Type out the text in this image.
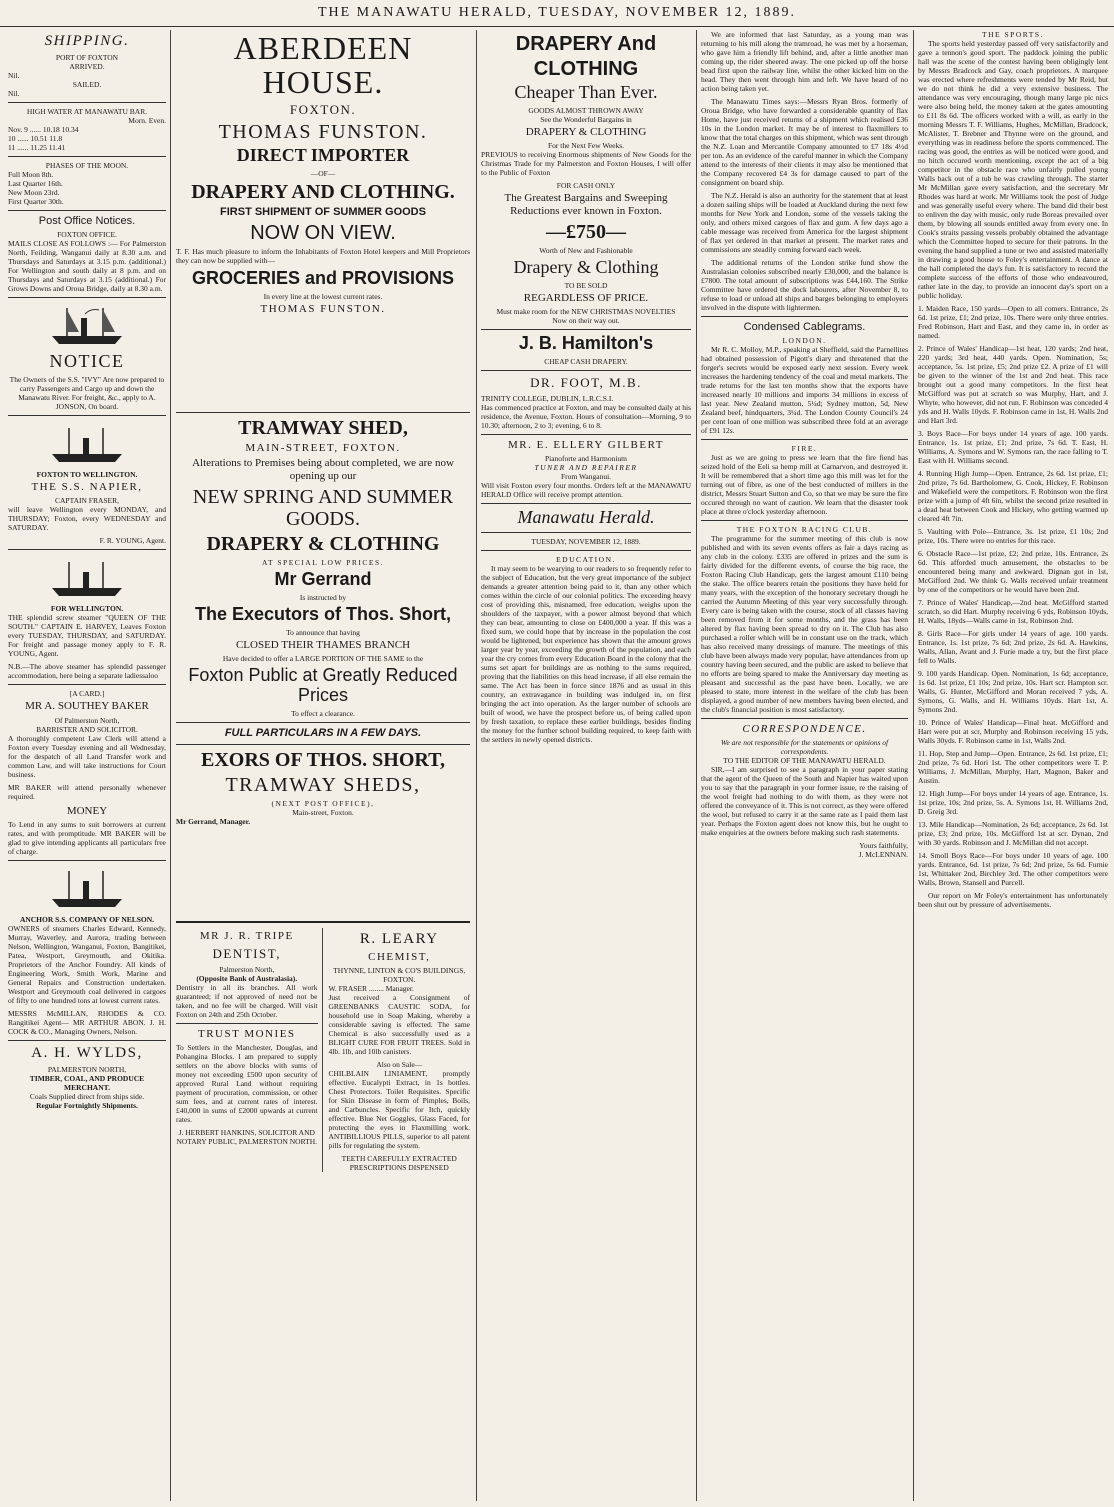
THE MANAWATU HERALD, TUESDAY, NOVEMBER 12, 1889.
SHIPPING.
PORT OF FOXTON
ARRIVED.
Nil.
SAILED.
Nil.
HIGH WATER AT MANAWATU BAR.
Morn. Even.
Nov. 9 ...... 10.18 10.34
10 ...... 10.51 11.8
11 ...... 11.25 11.41
PHASES OF THE MOON.
Full Moon 8th.
Last Quarter 16th.
New Moon 23rd.
First Quarter 30th.
Post Office Notices.
FOXTON OFFICE.

MAILS CLOSE AS FOLLOWS :— For Palmerston North, Feilding, Wanganui daily at 8.30 a.m. and Thursdays and Saturdays at 3.15 p.m. (additional.) For Wellington and south daily at 8 p.m. and on Thursdays and Saturdays at 3.15 (additional.) For Grows Downs and Oroua Bridge, daily at 8.30 a.m.

NOTICE

The Owners of the S.S. "IVY" Are now prepared to carry Passengers and Cargo up and down the Manawatu River. For freight, &c., apply to A. JONSON, On board.

FOXTON TO WELLINGTON.
THE S.S. NAPIER,
CAPTAIN FRASER,

will leave Wellington every MONDAY, and THURSDAY; Foxton, every WEDNESDAY and SATURDAY.

F. R. YOUNG, Agent.
FOR WELLINGTON.

THE splendid screw steamer "QUEEN OF THE SOUTH." CAPTAIN E. HARVEY, Leaves Foxton every TUESDAY, THURSDAY, and SATURDAY. For freight and passage money apply to F. R. YOUNG, Agent.

N.B.—The above steamer has splendid passenger accommodation, here being a separate ladiessaloo

[A CARD.]
MR A. SOUTHEY BAKER
Of Palmerston North,
BARRISTER AND SOLICITOR.

A thoroughly competent Law Clerk will attend a Foxton every Tuesday evening and all Wednesday, for the despatch of all Land Transfer work and common Law, and will take instructions for Court business.

MR BAKER will attend personally whenever required.

MONEY

To Lend in any sums to suit borrowers at current rates, and with promptitude. MR BAKER will be glad to give intending applicants all particulars free of charge.

ANCHOR S.S. COMPANY OF NELSON.

OWNERS of steamers Charles Edward, Kennedy, Murray, Waverley, and Aurora, trading between Nelson, Wellington, Wanganui, Foxton, Bangitikei, Patea, Westport, Greymouth, and Okitika. Proprietors of the Anchor Foundry. All kinds of Engineering Work, Smith Work, Marine and General Repairs and Construction undertaken. Westport and Greymouth coal delivered in cargoes of fifty to one hundred tons at lowest current rates.

MESSRS McMILLAN, RHODES & CO. Rangitikei Agent— MR ARTHUR ABON. J. H. COCK & CO., Managing Owners, Nelson.

A. H. WYLDS,
PALMERSTON NORTH,
TIMBER, COAL, AND PRODUCE MERCHANT.
Coals Supplied direct from ships side.
Regular Fortnightly Shipments.
ABERDEEN HOUSE.
FOXTON.
THOMAS FUNSTON.
DIRECT IMPORTER
—OF—
DRAPERY AND CLOTHING.
FIRST SHIPMENT OF SUMMER GOODS
NOW ON VIEW.

T. F. Has much pleasure to inform the Inhabitants of Foxton Hotel keepers and Mill Proprietors they can now be supplied with—

GROCERIES and PROVISIONS
In every line at the lowest current rates.
THOMAS FUNSTON.
TRAMWAY SHED,
MAIN-STREET, FOXTON.
Alterations to Premises being about completed, we are now opening up our
NEW SPRING AND SUMMER GOODS.
DRAPERY & CLOTHING
AT SPECIAL LOW PRICES.
Mr Gerrand
Is instructed by
The Executors of Thos. Short,
To announce that having
CLOSED THEIR THAMES BRANCH
Have decided to offer a LARGE PORTION OF THE SAME to the
Foxton Public at Greatly Reduced Prices
To effect a clearance.
FULL PARTICULARS IN A FEW DAYS.
EXORS OF THOS. SHORT,
TRAMWAY SHEDS,
(NEXT POST OFFICE),
Main-street, Foxton.
Mr Gerrand, Manager.
MR J. R. TRIPE
DENTIST,
Palmerston North,
(Opposite Bank of Australasia).

Dentistry in all its branches. All work guaranteed; if not approved of need not be taken, and no fee will be charged. Will visit Foxton on 24th and 25th October.

TRUST MONIES

To Settlers in the Manchester, Douglas, and Pohangina Blocks. I am prepared to supply settlers on the above blocks with sums of money not exceeding £500 upon security of approved Rural Land without requiring payment of procuration, commission, or other sum fees, and at current rates of interest. £40,000 in sums of £2000 upwards at current rates.

J. HERBERT HANKINS, SOLICITOR AND NOTARY PUBLIC, PALMERSTON NORTH.
R. LEARY
CHEMIST,
THYNNE, LINTON & CO'S BUILDINGS, FOXTON.
W. FRASER ........ Manager.

Just received a Consignment of GREENBANKS CAUSTIC SODA, for household use in Soap Making, whereby a considerable saving is effected. The same Chemical is also successfully used as a BLIGHT CURE FOR FRUIT TREES. Sold in 4lb. 1lb, and 10lb canisters.

Also on Sale—

CHILBLAIN LINIAMENT, promptly effective. Eucalypti Extract, in 1s bottles. Chest Protectors. Toilet Requisites. Specific for Skin Disease in form of Pimples, Boils, and Carbuncles. Specific for Itch, quickly effective. Blue Net Goggles, Glass Faced, for protecting the eyes in Flaxmilling work. ANTIBILLIOUS PILLS, superior to all patent pills for regulating the system.

TEETH CAREFULLY EXTRACTED
PRESCRIPTIONS DISPENSED
DRAPERY And
CLOTHING
Cheaper Than Ever.
GOODS ALMOST THROWN AWAY
See the Wonderful Bargains in
DRAPERY & CLOTHING
For the Next Few Weeks.

PREVIOUS to receiving Enormous shipments of New Goods for the Christmas Trade for my Palmerston and Foxton Houses, I will offer to the Public of Foxton

FOR CASH ONLY
The Greatest Bargains and Sweeping Reductions ever known in Foxton.
—£750—
Worth of New and Fashionable
Drapery & Clothing
TO BE SOLD
REGARDLESS OF PRICE.
Must make room for the NEW CHRISTMAS NOVELTIES
Now on their way out.
J. B. Hamilton's
CHEAP CASH DRAPERY.
DR. FOOT, M.B.
TRINITY COLLEGE, DUBLIN, L.R.C.S.I.

Has commenced practice at Foxton, and may be consulted daily at his residence, the Avenue, Foxton. Hours of consultation—Morning, 9 to 10.30; afternoon, 2 to 3; evening, 6 to 8.

MR. E. ELLERY GILBERT
Pianoforte and Harmonium
TUNER AND REPAIRER
From Wanganui.

Will visit Foxton every four months. Orders left at the MANAWATU HERALD Office will receive prompt attention.

Manawatu Herald.
TUESDAY, NOVEMBER 12, 1889.
EDUCATION.

It may seem to be wearying to our readers to so frequently refer to the subject of Education, but the very great importance of the subject demands a greater attention being paid to it, than any other which comes within the circle of our colonial politics. The exceeding heavy cost of providing this, misnamed, free education, weighs upon the shoulders of the taxpayer, with a power almost beyond that which they can bear, amounting to close on £400,000 a year. If this was a fixed sum, we could hope that by increase in the population the cost would be lightened, but experience has shown that the amount grows larger year by year, exceeding the growth of the population, and each year the cry comes from every Education Board in the colony that the sums set apart for buildings are as nothing to the sums required, proving that the liabilities on this head increase, if all else remain the same. The Act has been in force since 1876 and as usual in this country, an extravagance in building was indulged in, on first bringing the act into operation. As the larger number of schools are built of wood, we have the prospect before us, of being called upon by fresh taxation, to replace these earlier buildings, besides finding the money for the further school building required, to keep faith with the settlers in newly opened districts.

We are informed that last Saturday, as a young man was returning to his mill along the tramroad, he was met by a horseman, who gave him a friendly lift behind, and, after a little another man coming up, the rider sheered away. The one picked up off the horse bead first upon the railway line, whilst the other kicked him on the head. They then went through him and left. We have heard of no action being taken yet.

The Manawatu Times says:—Messrs Ryan Bros. formerly of Oroua Bridge, who have forwarded a considerable quantity of flax Home, have just received returns of a shipment which realised £36 10s in the London market. It may be of interest to flaxmillers to know that the total charges on this shipment, which was sent through the N.Z. Loan and Mercantile Company amounted to £7 18s 4½d per ton. As an evidence of the careful manner in which the Company attend to the interests of their clients it may also be mentioned that the Company recovered £4 3s for damage caused to part of the consignment on board ship.

The N.Z. Herald is also an authority for the statement that at least a dozen sailing ships will be loaded at Auckland during the next few months for New York and London, some of the vessels taking the only, and others mixed cargoes of flax and gum. A few days ago a cable message was received from America for the largest shipment of flax yet ordered in that market at present. The market rates and commissions are steadily coming forward each week.

The additional returns of the London strike fund show the Australasian colonies subscribed nearly £30,000, and the balance is £7800. The total amount of subscriptions was £44,160. The Strike Committee have ordered the dock labourers, after November 8, to refuse to load or unload all ships and barges belonging to employers involved in the dispute with lightermen.

Condensed Cablegrams.
LONDON.

Mr R. C. Molloy, M.P., speaking at Sheffield, said the Parnellites had obtained possession of Pigott's diary and threatened that the forger's secrets would be exposed early next session. Every week increases the hardening tendency of the coal and metal markets. The trade returns for the last ten months show that the exports have increased nearly 10 millions and imports 34 millions in excess of last year. New Zealand mutton, 5¼d; Sydney mutton, 5d, New Zealand beef, hindquarters, 3¼d. The London County Council's 24 per cent loan of one million was subscribed three fold at an average of £91 12s.

FIRE.

Just as we are going to press we learn that the fire fiend has seized hold of the Eeli sa hemp mill at Carnarvon, and destroyed it. It will be remembered that a short time ago this mill was let for the turning out of fibre, as one of the best conducted of millers in the district, Messrs Stuart Sutton and Co, so that we may be sure the fire occured through no want of caution. We learn that the disaster took place at three o'clock yesterday afternoon.

THE FOXTON RACING CLUB.

The programme for the summer meeting of this club is now published and with its seven events offers as fair a days racing as any club in the colony. £335 are offered in prizes and the sum is fairly divided for the different events, of course the big race, the Foxton Racing Club Handicap, gets the largest amount £110 being the stake. The office bearers retain the positions they have held for many years, with the exception of the honorary secretary though he carried the Autumn Meeting of this year very successfully through. Every care is being taken with the course, stock of all classes having been removed from it for some months, and the grass has been altered by flax having been spread to dry on it. The Club has also purchased a roller which will be in constant use on the track, which has also received many dressings of manure. The meetings of this club have been always made very popular, have attendances from up country having been secured, and the public are asked to believe that no efforts are being spared to make the Anniversary day meeting as pleasant and successful as the past have been. Locally, we are pleased to state, more interest in the welfare of the club has been displayed, a good number of new members having been elected, and the club's financial position is most satisfactory.

CORRESPONDENCE.
We are not responsible for the statements or opinions of correspondents.
TO THE EDITOR OF THE MANAWATU HERALD.

SIR,—I am surprised to see a paragraph in your paper stating that the agent of the Queen of the South and Napier has waited upon you to say that the paragraph in your former issue, re the raising of the wool freight had nothing to do with them, as they were not offered the conveyance of it. This is not correct, as they were offered the wool, but refused to carry it at the same rate as I paid them last year. Perhaps the Foxton agent does not know this, but he ought to make enquiries at the owners before making such rash statements.

Yours faithfully,
J. McLENNAN.
THE SPORTS.

The sports held yesterday passed off very satisfactorily and gave a tennon's good sport. The paddock joining the public hall was the scene of the contest having been obligingly lent by Messrs Bradcock and Gay, coach proprietors. A marquee was erected where refreshments were tended by Mr Reid, but we do not think he did a very extensive business. The attendance was very encouraging, though many large pic nics were also being held, the money taken at the gates amounting to £11 8s 6d. The officers worked with a will, as early in the morning Messrs T. F. Williams, Hughes, McMillan, Bradcock, McAlister, T. Brebner and Thynne were on the ground, and everything was in readiness before the sports commenced. The racing was good, the entries as will be noticed were good, and no hitch occured worth mentioning, except the act of a big competitor in the obstacle race who unfairly pulled young Walls back out of a tub he was crawling through. The starter Mr McMillan gave every satisfaction, and the secretary Mr Rhodes was hard at work. Mr Williams took the post of Judge and was generally useful every where. The band did their best to enliven the day with music, only rude Boreas prevailed over them, by blowing all sounds entitled away from every one. In Cook's straits passing vessels probably obtained the advantage which the Committee hoped to secure for their patrons. In the evening the band supplied a tune or two and assisted materially in drawing a good house to Foley's entertainment. A dance at the hall completed the day's fun. It is satisfactory to record the complete success of the efforts of those who endeavoured, rather late in the day, to provide an innocent day's sport on a public holiday.

1. Maiden Race, 150 yards—Open to all comers. Entrance, 2s 6d. 1st prize, £1; 2nd prize, 10s. There were only three entries. Fred Robinson, Hart and East, and they came in, in order as named.

2. Prince of Wales' Handicap—1st heat, 120 yards; 2nd heat, 220 yards; 3rd heat, 440 yards. Open. Nomination, 5s; acceptance, 5s. 1st prize, £5; 2nd prize £2. A prize of £1 will be given to the winner of the 1st and 2nd heat. This race brought out a good many competitors. In the first heat McGifford was put at scratch so was Murphy, Hart, and J. Whyte, who however, did not run. F. Robinson was conceded 4 yds and H. Walls 10yds. F. Robinson came in 1st, H. Walls 2nd and Hart 3rd.

3. Boys Race—For boys under 14 years of age. 100 yards. Entrance, 1s. 1st prize, £1; 2nd prize, 7s 6d. T. East, H. Williams, A. Symons and W. Symons ran, the race falling to T. East with H. Williams second.

4. Running High Jump—Open. Entrance, 2s 6d. 1st prize, £1; 2nd prize, 7s 6d. Bartholomew, G. Cook, Hickey, F. Robinson and Wakefield were the competitors. F. Robinson won the first prize with a jump of 4ft 6in, whilst the second prize resulted in a dead heat between Cook and Hickey, who getting warmed up cleared 4ft 7in.

5. Vaulting with Pole—Entrance, 3s. 1st prize, £1 10s; 2nd prize, 10s. There were no entries for this race.

6. Obstacle Race—1st prize, £2; 2nd prize, 10s. Entrance, 2s 6d. This afforded much amusement, the obstacles to be encountered being many and awkward. Dignan got in 1st, McGifford 2nd. We think G. Walls received unfair treatment by one of the competitors or he would have been 2nd.

7. Prince of Wales' Handicap,—2nd heat. McGifford started scratch, so did Hart. Murphy receiving 6 yds, Robinson 10yds, H. Walls, 18yds—Walls came in 1st, Robinson 2nd.

8. Girls Race—For girls under 14 years of age. 100 yards. Entrance, 1s. 1st prize, 7s 6d; 2nd prize, 2s 6d. A. Hawkins, Walls, Allan, Avant and J. Furie made a try, but the first place fell to Walls.

9. 100 yards Handicap. Open. Nomination, 1s 6d; acceptance, 1s 6d. 1st prize, £1 10s; 2nd prize, 10s. Hart scr. Hampton scr. Walls, G. Hunter, McGifford and Moran received 7 yds, A. Symons, G. Walls, and H. Williams 10yds. Hart 1st, A. Symons 2nd.

10. Prince of Wales' Handicap—Final heat. McGifford and Hart were put at scr, Murphy and Robinson receiving 15 yds, Walls 30yds. F. Robinson came in 1st, Walls 2nd.

11. Hop, Step and Jump—Open. Entrance, 2s 6d. 1st prize, £1; 2nd prize, 7s 6d. Hori 1st. The other competitors were T. P. Williams, J. McMillan, Murphy, Hart, Magnon, Baker and Austin.

12. High Jump—For boys under 14 years of age. Entrance, 1s. 1st prize, 10s; 2nd prize, 5s. A. Symons 1st, H. Williams 2nd, D. Greig 3rd.

13. Mile Handicap—Nomination, 2s 6d; acceptance, 2s 6d. 1st prize, £3; 2nd prize, 10s. McGifford 1st at scr. Dynan, 2nd with 30 yards. Robinson and J. McMillan did not accept.

14. Smoll Boys Race—For boys under 10 years of age. 100 yards. Entrance, 6d. 1st prize, 7s 6d; 2nd prize, 5s 6d. Furnie 1st, Whittaker 2nd, Birchley 3rd. The other competitors were Walls, Brown, Stansell and Purcell.

Our report on Mr Foley's entertainment has unfortunately been shut out by pressure of advertisements.
